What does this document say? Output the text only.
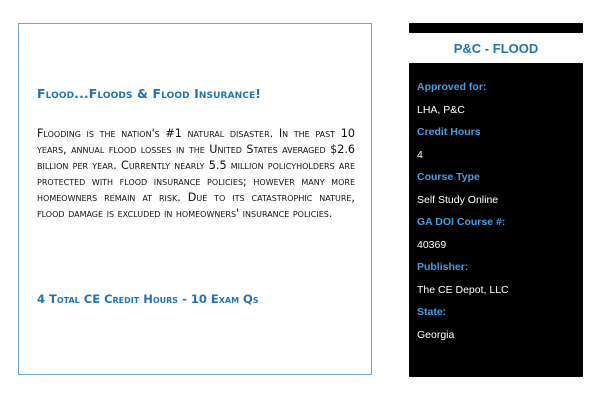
Flood...Floods & Flood Insurance!

Flooding is the nation's #1 natural disaster. In the past 10 years, annual flood losses in the United States averaged $2.6 billion per year. Currently nearly 5.5 million policyholders are protected with flood insurance policies; however many more homeowners remain at risk. Due to its catastrophic nature, flood damage is excluded in homeowners' insurance policies.

4 Total CE Credit Hours - 10 Exam Qs
P&C - FLOOD
Approved for:
LHA, P&C
Credit Hours
4
Course Type
Self Study Online
GA DOI Course #:
40369
Publisher:
The CE Depot, LLC
State:
Georgia
